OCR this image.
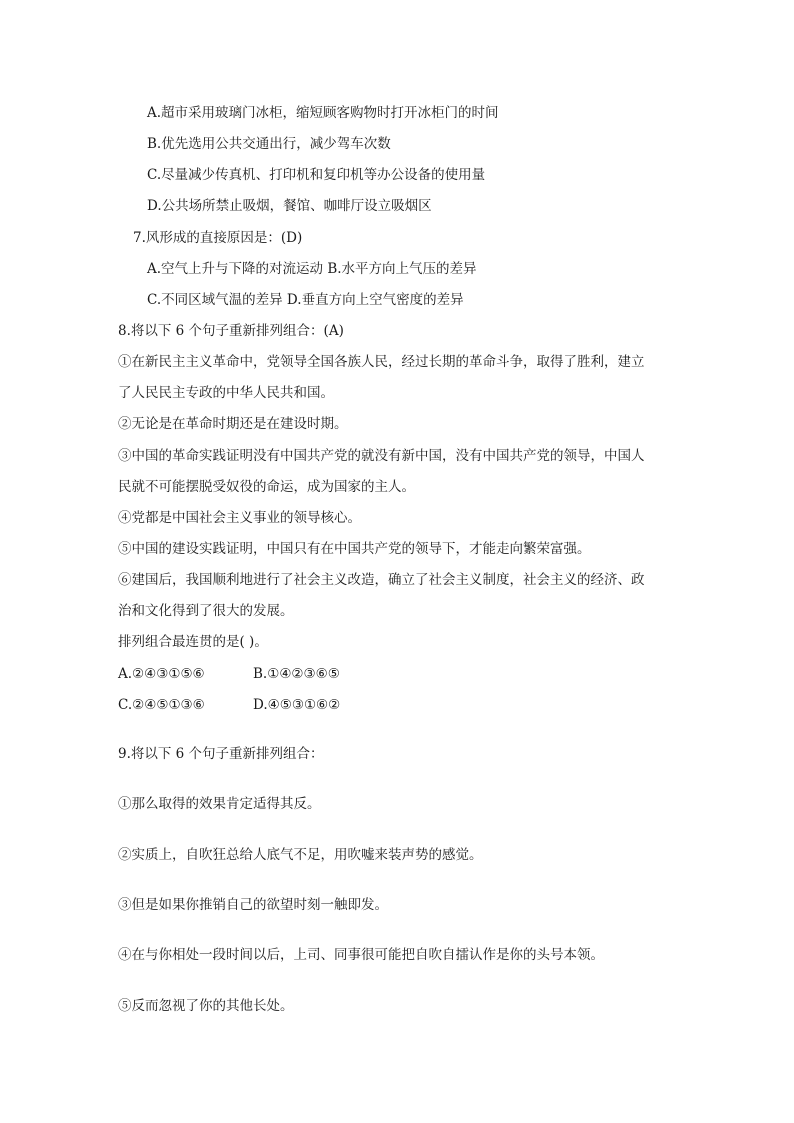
A.超市采用玻璃门冰柜，缩短顾客购物时打开冰柜门的时间
B.优先选用公共交通出行，减少驾车次数
C.尽量减少传真机、打印机和复印机等办公设备的使用量
D.公共场所禁止吸烟，餐馆、咖啡厅设立吸烟区
7.风形成的直接原因是：(D)
A.空气上升与下降的对流运动 B.水平方向上气压的差异
C.不同区域气温的差异 D.垂直方向上空气密度的差异
8.将以下 6 个句子重新排列组合：(A)
①在新民主主义革命中，党领导全国各族人民，经过长期的革命斗争，取得了胜利，建立
了人民民主专政的中华人民共和国。
②无论是在革命时期还是在建设时期。
③中国的革命实践证明没有中国共产党的就没有新中国，没有中国共产党的领导，中国人
民就不可能摆脱受奴役的命运，成为国家的主人。
④党都是中国社会主义事业的领导核心。
⑤中国的建设实践证明，中国只有在中国共产党的领导下，才能走向繁荣富强。
⑥建国后，我国顺利地进行了社会主义改造，确立了社会主义制度，社会主义的经济、政
治和文化得到了很大的发展。
排列组合最连贯的是( )。
A.②④③①⑤⑥	B.①④②③⑥⑤
C.②④⑤①③⑥	D.④⑤③①⑥②
9.将以下 6 个句子重新排列组合：
①那么取得的效果肯定适得其反。
②实质上，自吹狂总给人底气不足，用吹嘘来装声势的感觉。
③但是如果你推销自己的欲望时刻一触即发。
④在与你相处一段时间以后，上司、同事很可能把自吹自擂认作是你的头号本领。
⑤反而忽视了你的其他长处。
